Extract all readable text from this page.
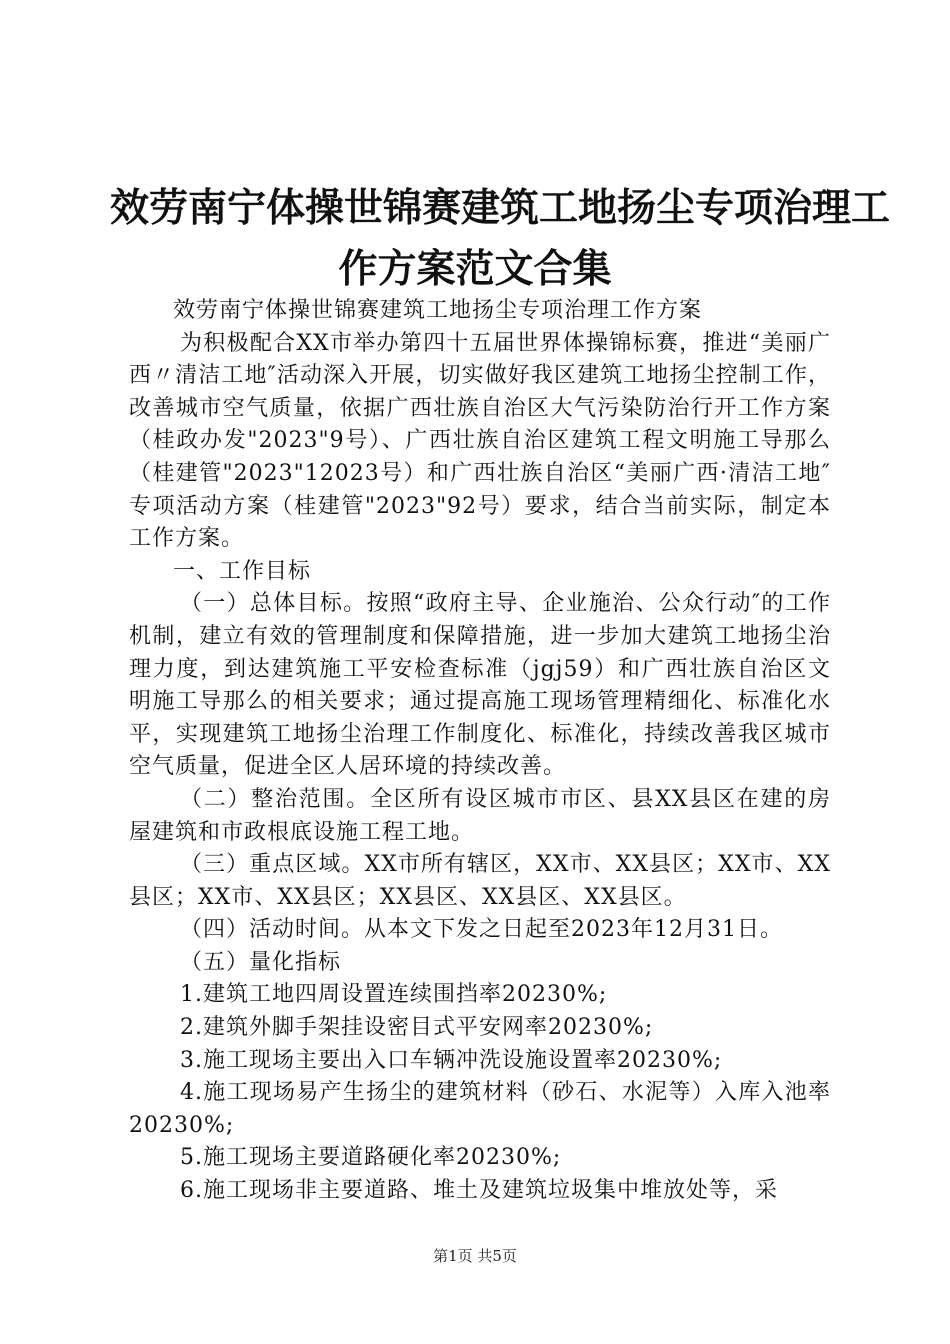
效劳南宁体操世锦赛建筑工地扬尘专项治理工
作方案范文合集

效劳南宁体操世锦赛建筑工地扬尘专项治理工作方案

为积极配合XX市举办第四十五届世界体操锦标赛，推进“美丽广西〃清洁工地″活动深入开展，切实做好我区建筑工地扬尘控制工作，改善城市空气质量，依据广西壮族自治区大气污染防治行开工作方案（桂政办发"2023"9号）、广西壮族自治区建筑工程文明施工导那么（桂建管"2023"12023号）和广西壮族自治区“美丽广西·清洁工地″专项活动方案（桂建管"2023"92号）要求，结合当前实际，制定本工作方案。

一、工作目标

（一）总体目标。按照“政府主导、企业施治、公众行动″的工作机制，建立有效的管理制度和保障措施，进一步加大建筑工地扬尘治理力度，到达建筑施工平安检查标准（jgj59）和广西壮族自治区文明施工导那么的相关要求；通过提高施工现场管理精细化、标准化水平，实现建筑工地扬尘治理工作制度化、标准化，持续改善我区城市空气质量，促进全区人居环境的持续改善。

（二）整治范围。全区所有设区城市市区、县XX县区在建的房屋建筑和市政根底设施工程工地。

（三）重点区域。XX市所有辖区，XX市、XX县区；XX市、XX县区；XX市、XX县区；XX县区、XX县区、XX县区。

（四）活动时间。从本文下发之日起至2023年12月31日。

（五）量化指标

1.建筑工地四周设置连续围挡率20230%;

2.建筑外脚手架挂设密目式平安网率20230%;

3.施工现场主要出入口车辆冲洗设施设置率20230%;

4.施工现场易产生扬尘的建筑材料（砂石、水泥等）入库入池率20230%;

5.施工现场主要道路硬化率20230%;

6.施工现场非主要道路、堆土及建筑垃圾集中堆放处等，采

第1页 共5页
